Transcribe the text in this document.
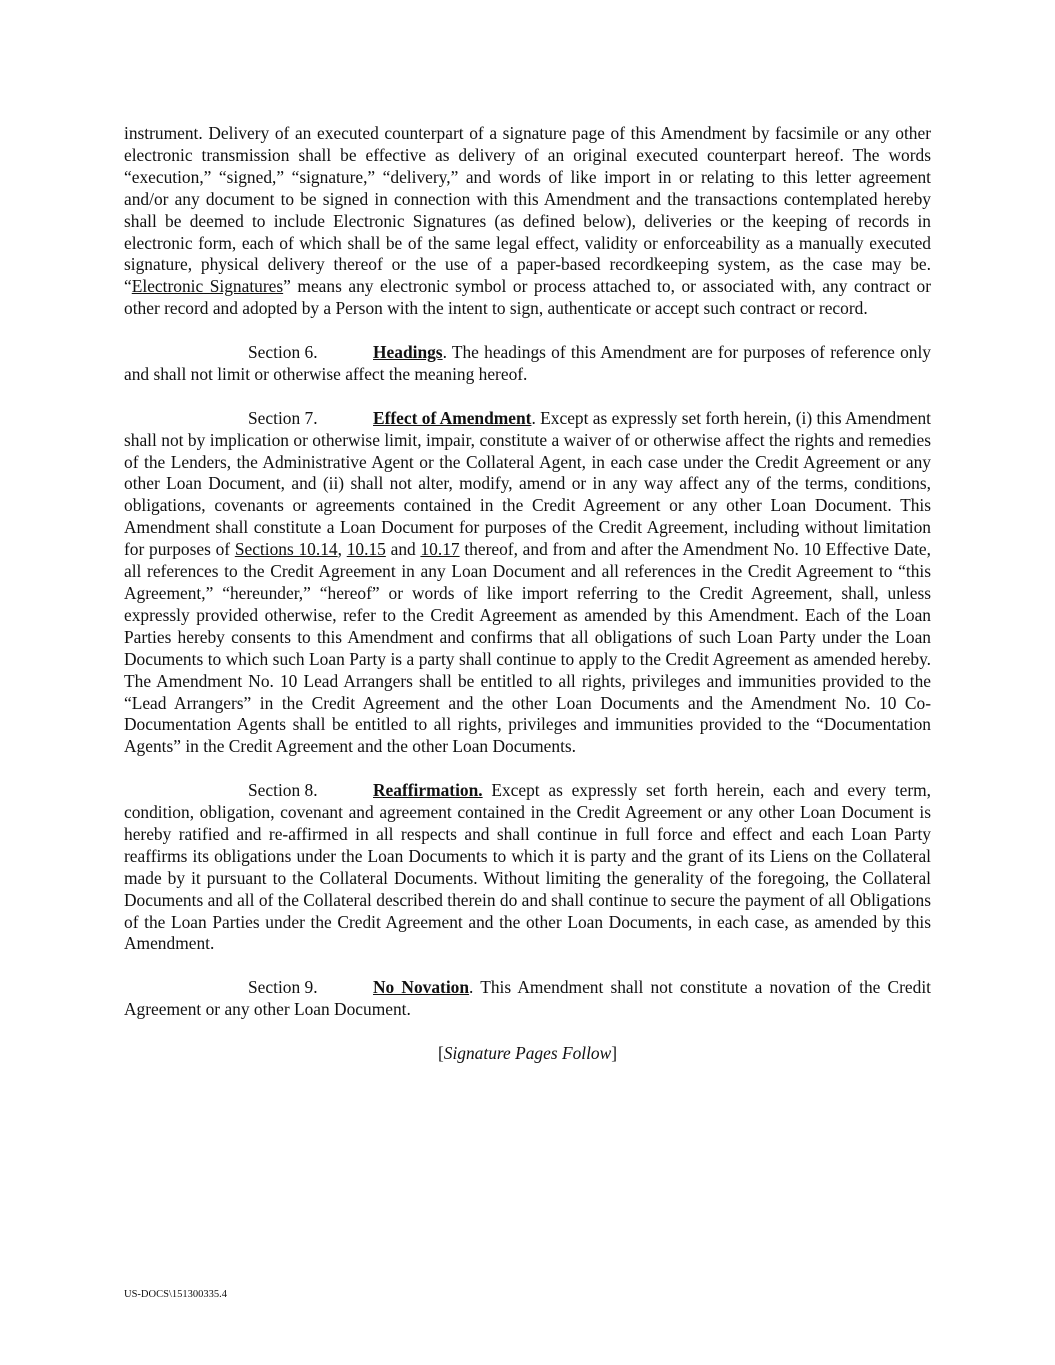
instrument. Delivery of an executed counterpart of a signature page of this Amendment by facsimile or any other electronic transmission shall be effective as delivery of an original executed counterpart hereof. The words “execution,” “signed,” “signature,” “delivery,” and words of like import in or relating to this letter agreement and/or any document to be signed in connection with this Amendment and the transactions contemplated hereby shall be deemed to include Electronic Signatures (as defined below), deliveries or the keeping of records in electronic form, each of which shall be of the same legal effect, validity or enforceability as a manually executed signature, physical delivery thereof or the use of a paper-based recordkeeping system, as the case may be. “Electronic Signatures” means any electronic symbol or process attached to, or associated with, any contract or other record and adopted by a Person with the intent to sign, authenticate or accept such contract or record.

Section 6.	Headings. The headings of this Amendment are for purposes of reference only and shall not limit or otherwise affect the meaning hereof.

Section 7.	Effect of Amendment. Except as expressly set forth herein, (i) this Amendment shall not by implication or otherwise limit, impair, constitute a waiver of or otherwise affect the rights and remedies of the Lenders, the Administrative Agent or the Collateral Agent, in each case under the Credit Agreement or any other Loan Document, and (ii) shall not alter, modify, amend or in any way affect any of the terms, conditions, obligations, covenants or agreements contained in the Credit Agreement or any other Loan Document. This Amendment shall constitute a Loan Document for purposes of the Credit Agreement, including without limitation for purposes of Sections 10.14, 10.15 and 10.17 thereof, and from and after the Amendment No. 10 Effective Date, all references to the Credit Agreement in any Loan Document and all references in the Credit Agreement to “this Agreement,” “hereunder,” “hereof” or words of like import referring to the Credit Agreement, shall, unless expressly provided otherwise, refer to the Credit Agreement as amended by this Amendment. Each of the Loan Parties hereby consents to this Amendment and confirms that all obligations of such Loan Party under the Loan Documents to which such Loan Party is a party shall continue to apply to the Credit Agreement as amended hereby. The Amendment No. 10 Lead Arrangers shall be entitled to all rights, privileges and immunities provided to the “Lead Arrangers” in the Credit Agreement and the other Loan Documents and the Amendment No. 10 Co-Documentation Agents shall be entitled to all rights, privileges and immunities provided to the “Documentation Agents” in the Credit Agreement and the other Loan Documents.

Section 8.	Reaffirmation. Except as expressly set forth herein, each and every term, condition, obligation, covenant and agreement contained in the Credit Agreement or any other Loan Document is hereby ratified and re-affirmed in all respects and shall continue in full force and effect and each Loan Party reaffirms its obligations under the Loan Documents to which it is party and the grant of its Liens on the Collateral made by it pursuant to the Collateral Documents. Without limiting the generality of the foregoing, the Collateral Documents and all of the Collateral described therein do and shall continue to secure the payment of all Obligations of the Loan Parties under the Credit Agreement and the other Loan Documents, in each case, as amended by this Amendment.

Section 9.	No Novation. This Amendment shall not constitute a novation of the Credit Agreement or any other Loan Document.

[Signature Pages Follow]

US-DOCS\151300335.4
